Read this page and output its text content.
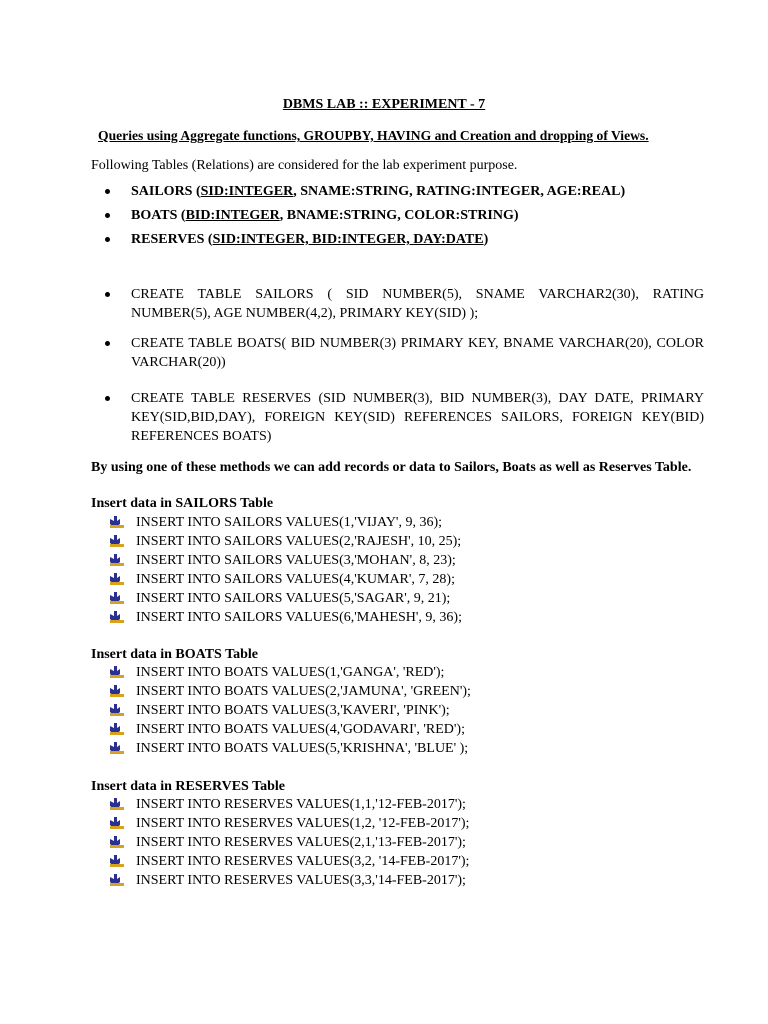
DBMS LAB :: EXPERIMENT - 7
Queries using Aggregate functions, GROUPBY, HAVING and Creation and dropping of Views.
Following Tables (Relations) are considered for the lab experiment purpose.
SAILORS (SID:INTEGER, SNAME:STRING, RATING:INTEGER, AGE:REAL)
BOATS (BID:INTEGER, BNAME:STRING, COLOR:STRING)
RESERVES (SID:INTEGER, BID:INTEGER, DAY:DATE)
CREATE TABLE SAILORS ( SID NUMBER(5), SNAME VARCHAR2(30), RATING NUMBER(5), AGE NUMBER(4,2), PRIMARY KEY(SID) );
CREATE TABLE BOATS( BID NUMBER(3) PRIMARY KEY, BNAME VARCHAR(20), COLOR VARCHAR(20))
CREATE TABLE RESERVES (SID NUMBER(3), BID NUMBER(3), DAY DATE, PRIMARY KEY(SID,BID,DAY), FOREIGN KEY(SID) REFERENCES SAILORS, FOREIGN KEY(BID) REFERENCES BOATS)
By using one of these methods we can add records or data to Sailors, Boats as well as Reserves Table.
Insert data in SAILORS Table
INSERT INTO SAILORS VALUES(1,'VIJAY', 9, 36);
INSERT INTO SAILORS VALUES(2,'RAJESH', 10, 25);
INSERT INTO SAILORS VALUES(3,'MOHAN', 8, 23);
INSERT INTO SAILORS VALUES(4,'KUMAR', 7, 28);
INSERT INTO SAILORS VALUES(5,'SAGAR', 9, 21);
INSERT INTO SAILORS VALUES(6,'MAHESH', 9, 36);
Insert data in BOATS Table
INSERT INTO BOATS VALUES(1,'GANGA', 'RED');
INSERT INTO BOATS VALUES(2,'JAMUNA', 'GREEN');
INSERT INTO BOATS VALUES(3,'KAVERI', 'PINK');
INSERT INTO BOATS VALUES(4,'GODAVARI', 'RED');
INSERT INTO BOATS VALUES(5,'KRISHNA', 'BLUE' );
Insert data in RESERVES Table
INSERT INTO RESERVES VALUES(1,1,'12-FEB-2017');
INSERT INTO RESERVES VALUES(1,2, '12-FEB-2017');
INSERT INTO RESERVES VALUES(2,1,'13-FEB-2017');
INSERT INTO RESERVES VALUES(3,2, '14-FEB-2017');
INSERT INTO RESERVES VALUES(3,3,'14-FEB-2017');
